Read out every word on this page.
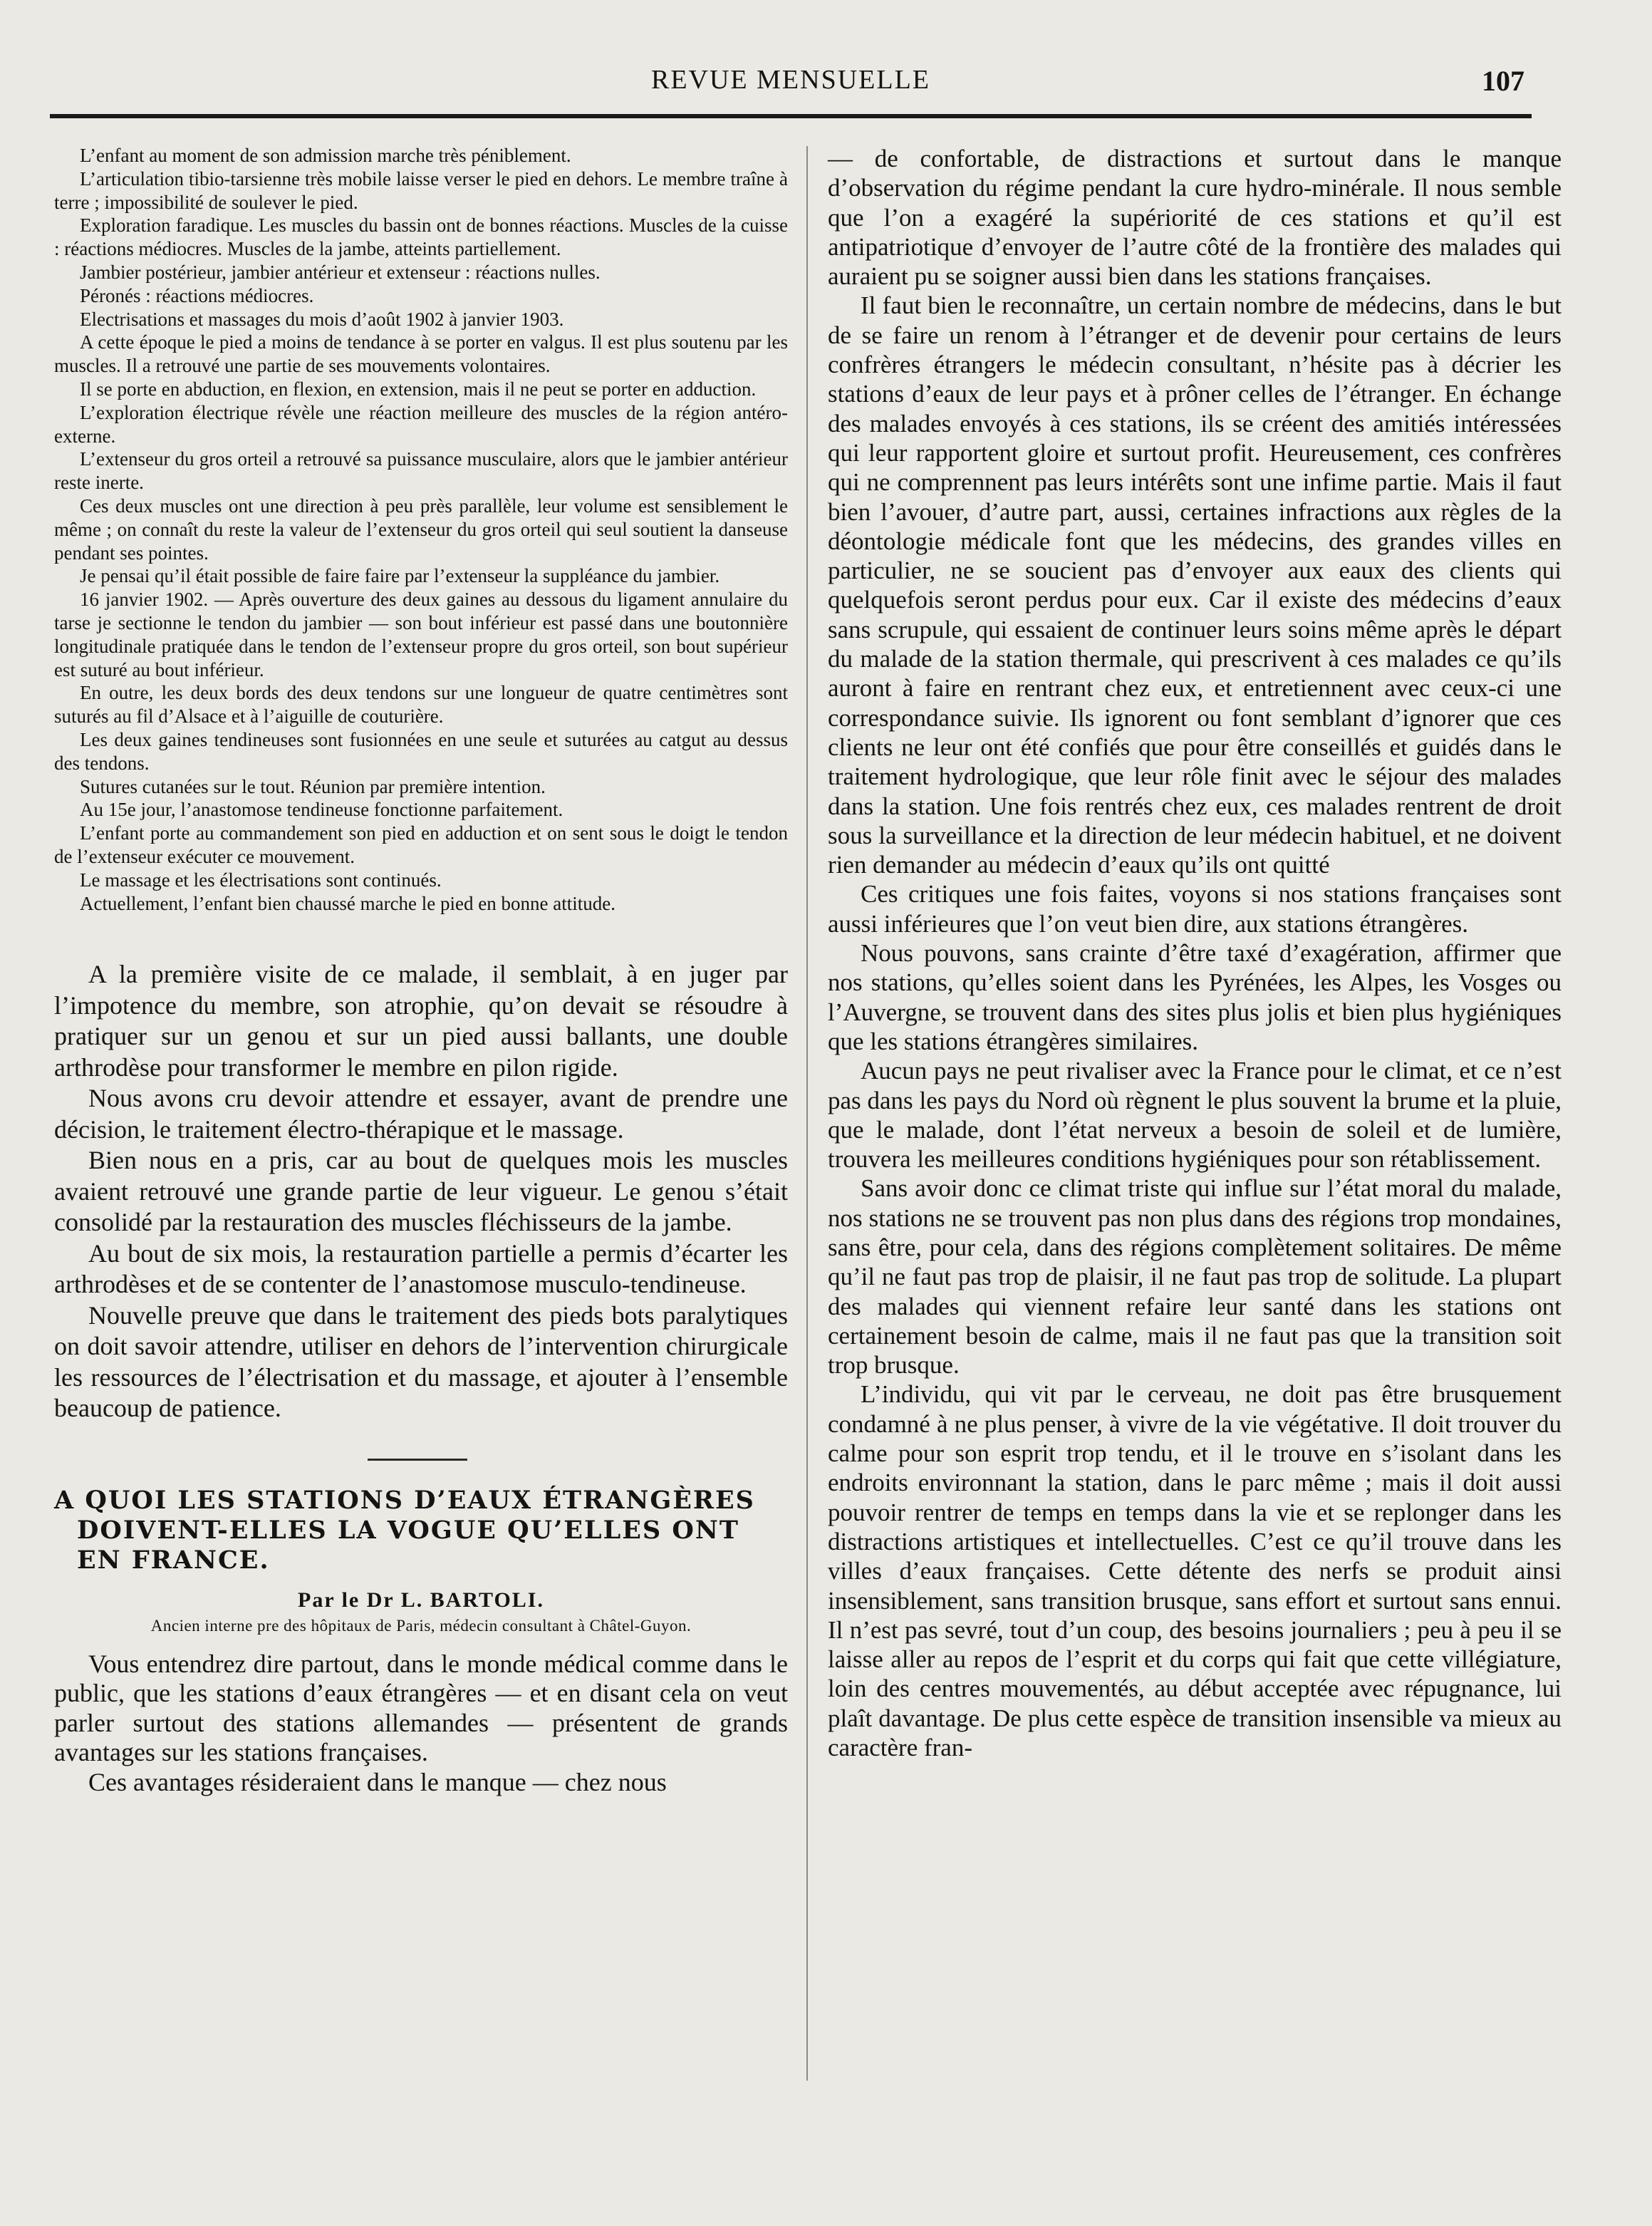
REVUE MENSUELLE	107

L’enfant au moment de son admission marche très péniblement.

L’articulation tibio-tarsienne très mobile laisse verser le pied en dehors. Le membre traîne à terre ; impossibilité de soulever le pied.

Exploration faradique. Les muscles du bassin ont de bonnes réactions. Muscles de la cuisse : réactions médiocres. Muscles de la jambe, atteints partiellement.

Jambier postérieur, jambier antérieur et extenseur : réactions nulles.

Péronés : réactions médiocres.

Electrisations et massages du mois d’août 1902 à janvier 1903.

A cette époque le pied a moins de tendance à se porter en valgus. Il est plus soutenu par les muscles. Il a retrouvé une partie de ses mouvements volontaires.

Il se porte en abduction, en flexion, en extension, mais il ne peut se porter en adduction.

L’exploration électrique révèle une réaction meilleure des muscles de la région antéro-externe.

L’extenseur du gros orteil a retrouvé sa puissance musculaire, alors que le jambier antérieur reste inerte.

Ces deux muscles ont une direction à peu près parallèle, leur volume est sensiblement le même ; on connaît du reste la valeur de l’extenseur du gros orteil qui seul soutient la danseuse pendant ses pointes.

Je pensai qu’il était possible de faire faire par l’extenseur la suppléance du jambier.

16 janvier 1902. — Après ouverture des deux gaines au dessous du ligament annulaire du tarse je sectionne le tendon du jambier — son bout inférieur est passé dans une boutonnière longitudinale pratiquée dans le tendon de l’extenseur propre du gros orteil, son bout supérieur est suturé au bout inférieur.

En outre, les deux bords des deux tendons sur une longueur de quatre centimètres sont suturés au fil d’Alsace et à l’aiguille de couturière.

Les deux gaines tendineuses sont fusionnées en une seule et suturées au catgut au dessus des tendons.

Sutures cutanées sur le tout. Réunion par première intention.

Au 15e jour, l’anastomose tendineuse fonctionne parfaitement.

L’enfant porte au commandement son pied en adduction et on sent sous le doigt le tendon de l’extenseur exécuter ce mouvement.

Le massage et les électrisations sont continués.

Actuellement, l’enfant bien chaussé marche le pied en bonne attitude.

A la première visite de ce malade, il semblait, à en juger par l’impotence du membre, son atrophie, qu’on devait se résoudre à pratiquer sur un genou et sur un pied aussi ballants, une double arthrodèse pour transformer le membre en pilon rigide.

Nous avons cru devoir attendre et essayer, avant de prendre une décision, le traitement électro-thérapique et le massage.

Bien nous en a pris, car au bout de quelques mois les muscles avaient retrouvé une grande partie de leur vigueur. Le genou s’était consolidé par la restauration des muscles fléchisseurs de la jambe.

Au bout de six mois, la restauration partielle a permis d’écarter les arthrodèses et de se contenter de l’anastomose musculo-tendineuse.

Nouvelle preuve que dans le traitement des pieds bots paralytiques on doit savoir attendre, utiliser en dehors de l’intervention chirurgicale les ressources de l’électrisation et du massage, et ajouter à l’ensemble beaucoup de patience.

A QUOI LES STATIONS D’EAUX ÉTRANGÈRES DOIVENT-ELLES LA VOGUE QU’ELLES ONT EN FRANCE.
Par le Dr L. BARTOLI.
Ancien interne pre des hôpitaux de Paris, médecin consultant à Châtel-Guyon.

Vous entendrez dire partout, dans le monde médical comme dans le public, que les stations d’eaux étrangères — et en disant cela on veut parler surtout des stations allemandes — présentent de grands avantages sur les stations françaises.

Ces avantages résideraient dans le manque — chez nous

— de confortable, de distractions et surtout dans le manque d’observation du régime pendant la cure hydro-minérale. Il nous semble que l’on a exagéré la supériorité de ces stations et qu’il est antipatriotique d’envoyer de l’autre côté de la frontière des malades qui auraient pu se soigner aussi bien dans les stations françaises.

Il faut bien le reconnaître, un certain nombre de médecins, dans le but de se faire un renom à l’étranger et de devenir pour certains de leurs confrères étrangers le médecin consultant, n’hésite pas à décrier les stations d’eaux de leur pays et à prôner celles de l’étranger. En échange des malades envoyés à ces stations, ils se créent des amitiés intéressées qui leur rapportent gloire et surtout profit. Heureusement, ces confrères qui ne comprennent pas leurs intérêts sont une infime partie. Mais il faut bien l’avouer, d’autre part, aussi, certaines infractions aux règles de la déontologie médicale font que les médecins, des grandes villes en particulier, ne se soucient pas d’envoyer aux eaux des clients qui quelquefois seront perdus pour eux. Car il existe des médecins d’eaux sans scrupule, qui essaient de continuer leurs soins même après le départ du malade de la station thermale, qui prescrivent à ces malades ce qu’ils auront à faire en rentrant chez eux, et entretiennent avec ceux-ci une correspondance suivie. Ils ignorent ou font semblant d’ignorer que ces clients ne leur ont été confiés que pour être conseillés et guidés dans le traitement hydrologique, que leur rôle finit avec le séjour des malades dans la station. Une fois rentrés chez eux, ces malades rentrent de droit sous la surveillance et la direction de leur médecin habituel, et ne doivent rien demander au médecin d’eaux qu’ils ont quitté

Ces critiques une fois faites, voyons si nos stations françaises sont aussi inférieures que l’on veut bien dire, aux stations étrangères.

Nous pouvons, sans crainte d’être taxé d’exagération, affirmer que nos stations, qu’elles soient dans les Pyrénées, les Alpes, les Vosges ou l’Auvergne, se trouvent dans des sites plus jolis et bien plus hygiéniques que les stations étrangères similaires.

Aucun pays ne peut rivaliser avec la France pour le climat, et ce n’est pas dans les pays du Nord où règnent le plus souvent la brume et la pluie, que le malade, dont l’état nerveux a besoin de soleil et de lumière, trouvera les meilleures conditions hygiéniques pour son rétablissement.

Sans avoir donc ce climat triste qui influe sur l’état moral du malade, nos stations ne se trouvent pas non plus dans des régions trop mondaines, sans être, pour cela, dans des régions complètement solitaires. De même qu’il ne faut pas trop de plaisir, il ne faut pas trop de solitude. La plupart des malades qui viennent refaire leur santé dans les stations ont certainement besoin de calme, mais il ne faut pas que la transition soit trop brusque.

L’individu, qui vit par le cerveau, ne doit pas être brusquement condamné à ne plus penser, à vivre de la vie végétative. Il doit trouver du calme pour son esprit trop tendu, et il le trouve en s’isolant dans les endroits environnant la station, dans le parc même ; mais il doit aussi pouvoir rentrer de temps en temps dans la vie et se replonger dans les distractions artistiques et intellectuelles. C’est ce qu’il trouve dans les villes d’eaux françaises. Cette détente des nerfs se produit ainsi insensiblement, sans transition brusque, sans effort et surtout sans ennui. Il n’est pas sevré, tout d’un coup, des besoins journaliers ; peu à peu il se laisse aller au repos de l’esprit et du corps qui fait que cette villégiature, loin des centres mouvementés, au début acceptée avec répugnance, lui plaît davantage. De plus cette espèce de transition insensible va mieux au caractère fran-
